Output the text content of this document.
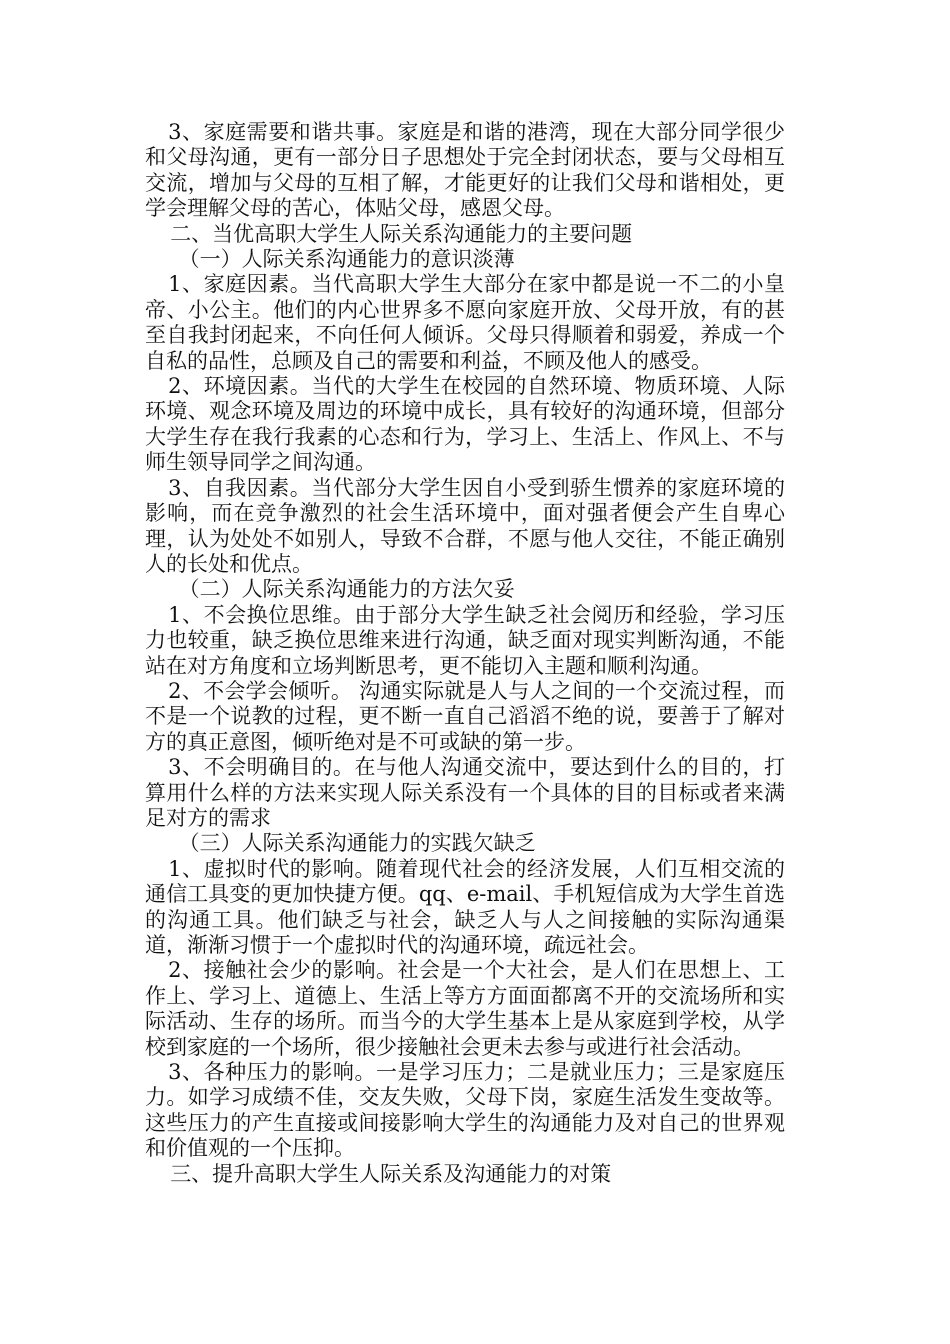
3、家庭需要和谐共事。家庭是和谐的港湾，现在大部分同学很少和父母沟通，更有一部分日子思想处于完全封闭状态，要与父母相互交流，增加与父母的互相了解，才能更好的让我们父母和谐相处，更学会理解父母的苦心，体贴父母，感恩父母。

二、当优高职大学生人际关系沟通能力的主要问题

（一）人际关系沟通能力的意识淡薄

1、家庭因素。当代高职大学生大部分在家中都是说一不二的小皇帝、小公主。他们的内心世界多不愿向家庭开放、父母开放，有的甚至自我封闭起来，不向任何人倾诉。父母只得顺着和弱爱，养成一个自私的品性，总顾及自己的需要和利益，不顾及他人的感受。

2、环境因素。当代的大学生在校园的自然环境、物质环境、人际环境、观念环境及周边的环境中成长，具有较好的沟通环境，但部分大学生存在我行我素的心态和行为，学习上、生活上、作风上、不与师生领导同学之间沟通。

3、自我因素。当代部分大学生因自小受到骄生惯养的家庭环境的影响，而在竞争激烈的社会生活环境中，面对强者便会产生自卑心理，认为处处不如别人，导致不合群，不愿与他人交往，不能正确别人的长处和优点。

（二）人际关系沟通能力的方法欠妥

1、不会换位思维。由于部分大学生缺乏社会阅历和经验，学习压力也较重，缺乏换位思维来进行沟通，缺乏面对现实判断沟通，不能站在对方角度和立场判断思考，更不能切入主题和顺利沟通。

2、不会学会倾听。 沟通实际就是人与人之间的一个交流过程，而不是一个说教的过程，更不断一直自己滔滔不绝的说，要善于了解对方的真正意图，倾听绝对是不可或缺的第一步。

3、不会明确目的。在与他人沟通交流中，要达到什么的目的，打算用什么样的方法来实现人际关系没有一个具体的目的目标或者来满足对方的需求

（三）人际关系沟通能力的实践欠缺乏

1、虚拟时代的影响。随着现代社会的经济发展，人们互相交流的通信工具变的更加快捷方便。qq、e-mail、手机短信成为大学生首选的沟通工具。他们缺乏与社会，缺乏人与人之间接触的实际沟通渠道，渐渐习惯于一个虚拟时代的沟通环境，疏远社会。

2、接触社会少的影响。社会是一个大社会，是人们在思想上、工作上、学习上、道德上、生活上等方方面面都离不开的交流场所和实际活动、生存的场所。而当今的大学生基本上是从家庭到学校，从学校到家庭的一个场所，很少接触社会更未去参与或进行社会活动。

3、各种压力的影响。一是学习压力；二是就业压力；三是家庭压力。如学习成绩不佳，交友失败，父母下岗，家庭生活发生变故等。这些压力的产生直接或间接影响大学生的沟通能力及对自己的世界观和价值观的一个压抑。

三、提升高职大学生人际关系及沟通能力的对策
